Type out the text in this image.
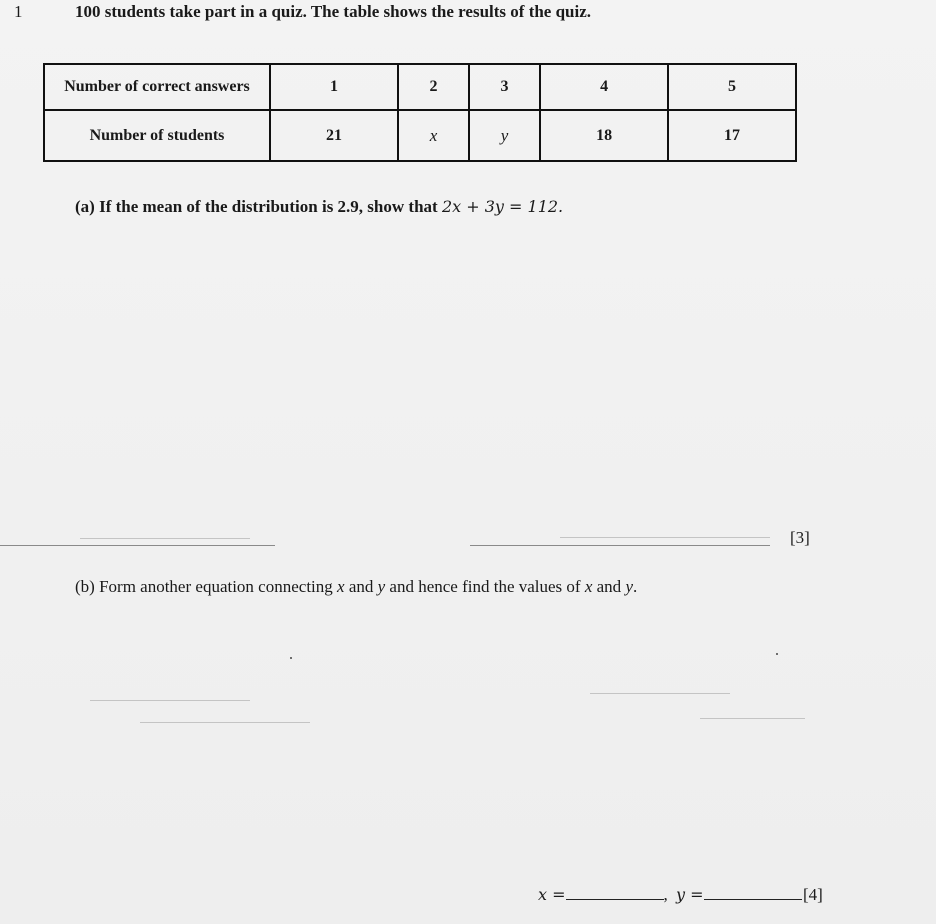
1	100 students take part in a quiz. The table shows the results of the quiz.
Number of correct answers	1	2	3	4	5
Number of students	21	x	y	18	17
(a) If the mean of the distribution is 2.9, show that 2x + 3y = 112.
[3]
(b) Form another equation connecting x and y and hence find the values of x and y.
x =	, y =	[4]
